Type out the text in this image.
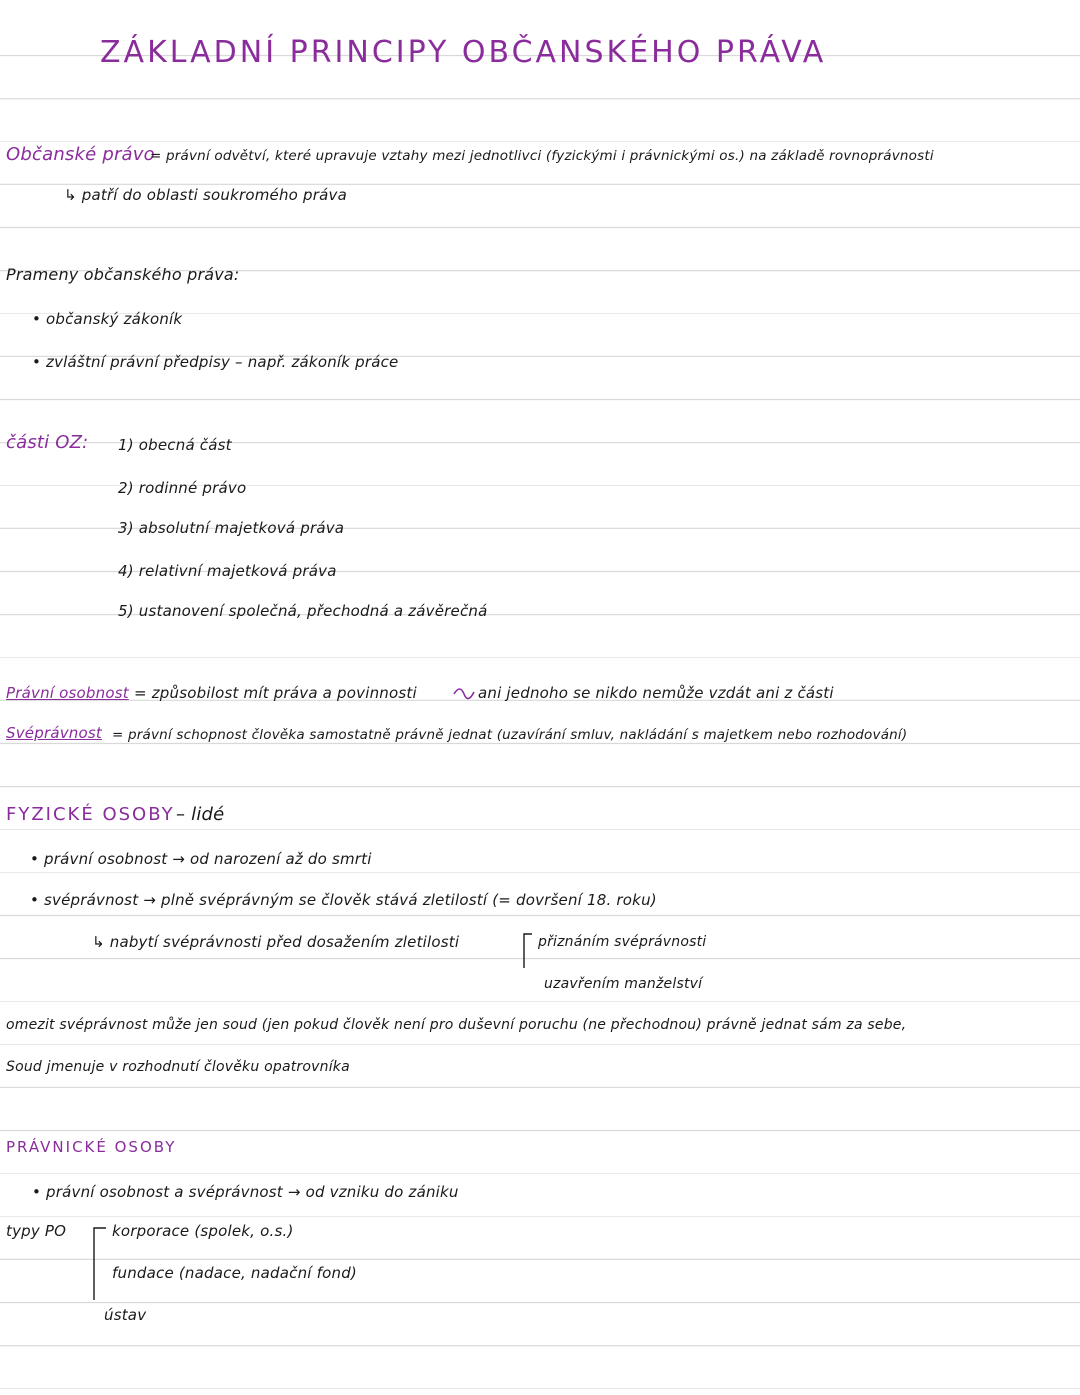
ZÁKLADNÍ PRINCIPY OBČANSKÉHO PRÁVA
Občanské právo
= právní odvětví, které upravuje vztahy mezi jednotlivci (fyzickými i právnickými os.) na základě rovnoprávnosti
↳ patří do oblasti soukromého práva
Prameny občanského práva:
• občanský zákoník
• zvláštní právní předpisy – např. zákoník práce
části OZ: 1) obecná část
2) rodinné právo
3) absolutní majetková práva
4) relativní majetková práva
5) ustanovení společná, přechodná a závěrečná
Právní osobnost = způsobilost mít práva a povinnosti	ani jednoho se nikdo nemůže vzdát ani z části
Svéprávnost = právní schopnost člověka samostatně právně jednat (uzavírání smluv, nakládání s majetkem nebo rozhodování)
FYZICKÉ OSOBY – lidé
• právní osobnost → od narození až do smrti
• svéprávnost → plně svéprávným se člověk stává zletilostí (= dovršení 18. roku)
↳ nabytí svéprávnosti před dosažením zletilosti	přiznáním svéprávnosti
uzavřením manželství
omezit svéprávnost může jen soud (jen pokud člověk není pro duševní poruchu (ne přechodnou) právně jednat sám za sebe,
Soud jmenuje v rozhodnutí člověku opatrovníka
PRÁVNICKÉ OSOBY
• právní osobnost a svéprávnost → od vzniku do zániku
typy PO	korporace (spolek, o.s.)
fundace (nadace, nadační fond)
ústav
